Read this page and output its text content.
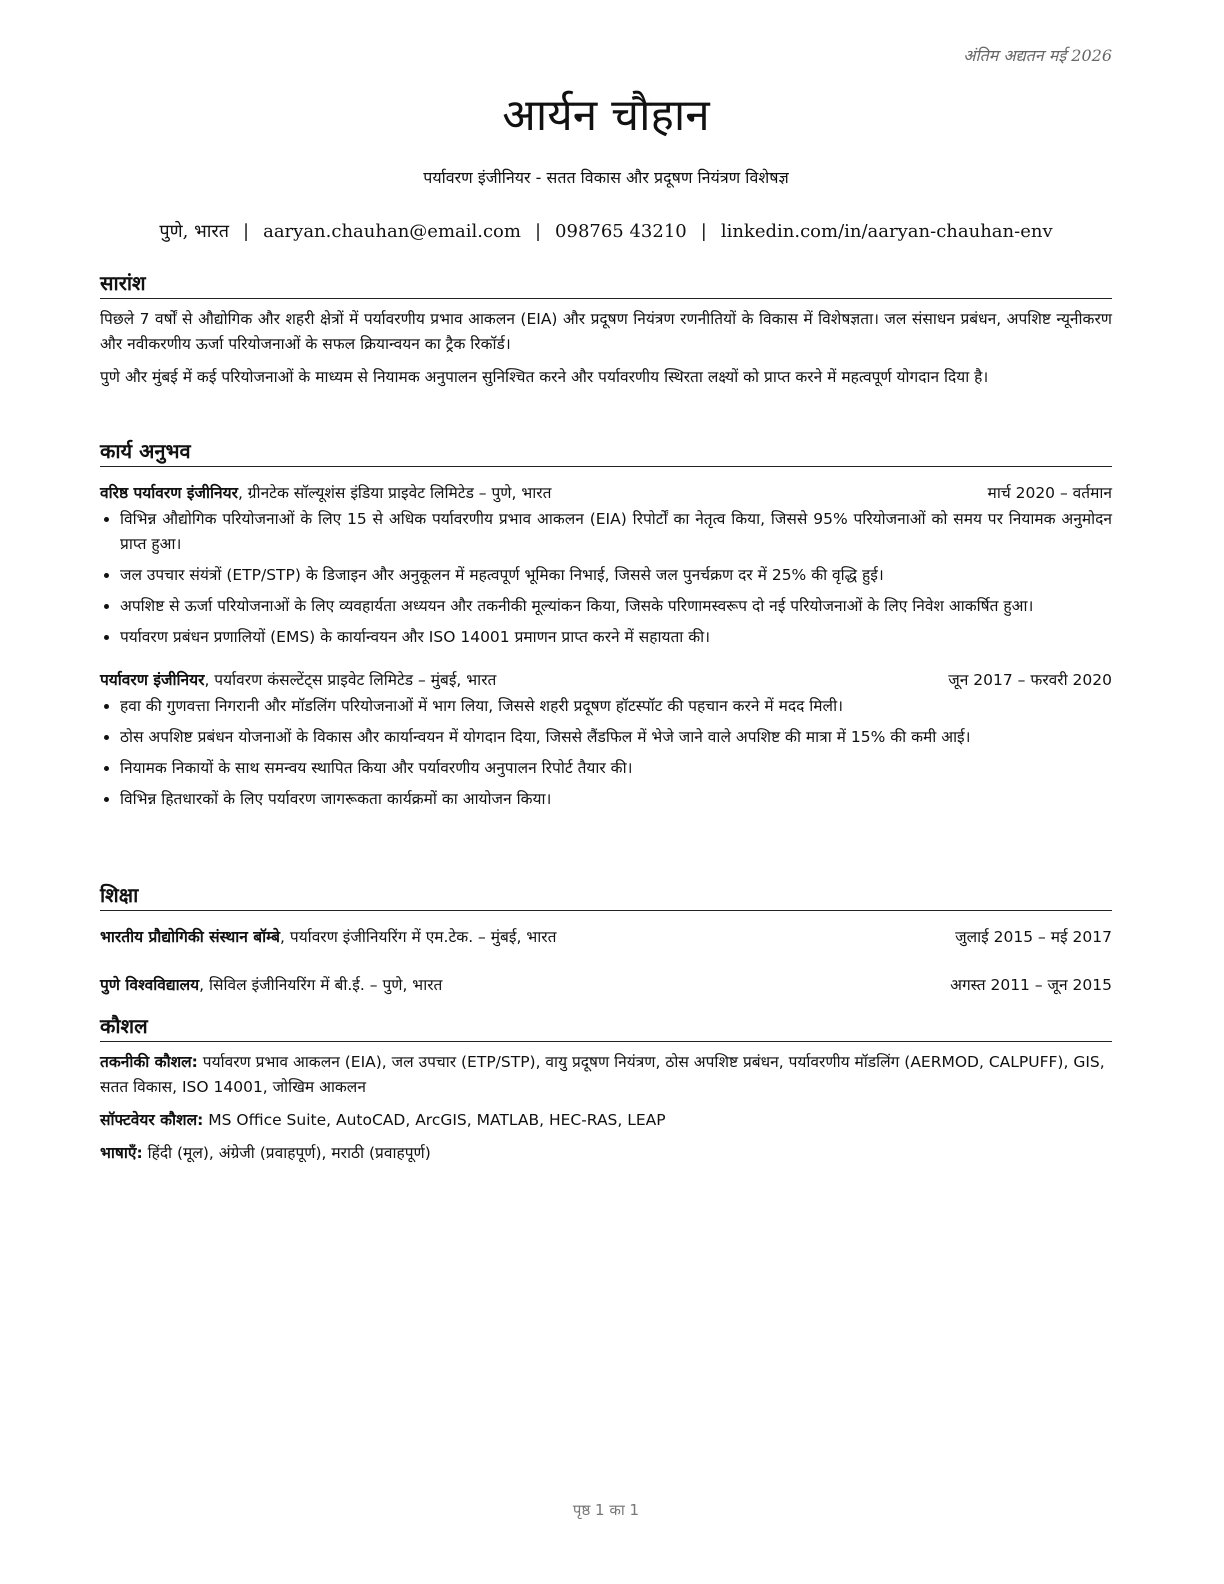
अंतिम अद्यतन मई 2026
आर्यन चौहान
पर्यावरण इंजीनियर - सतत विकास और प्रदूषण नियंत्रण विशेषज्ञ
पुणे, भारत | aaryan.chauhan@email.com | 098765 43210 | linkedin.com/in/aaryan-chauhan-env
सारांश
पिछले 7 वर्षों से औद्योगिक और शहरी क्षेत्रों में पर्यावरणीय प्रभाव आकलन (EIA) और प्रदूषण नियंत्रण रणनीतियों के विकास में विशेषज्ञता। जल संसाधन प्रबंधन, अपशिष्ट न्यूनीकरण और नवीकरणीय ऊर्जा परियोजनाओं के सफल क्रियान्वयन का ट्रैक रिकॉर्ड।
पुणे और मुंबई में कई परियोजनाओं के माध्यम से नियामक अनुपालन सुनिश्चित करने और पर्यावरणीय स्थिरता लक्ष्यों को प्राप्त करने में महत्वपूर्ण योगदान दिया है।
कार्य अनुभव
वरिष्ठ पर्यावरण इंजीनियर, ग्रीनटेक सॉल्यूशंस इंडिया प्राइवेट लिमिटेड – पुणे, भारत	मार्च 2020 – वर्तमान
• विभिन्न औद्योगिक परियोजनाओं के लिए 15 से अधिक पर्यावरणीय प्रभाव आकलन (EIA) रिपोर्टों का नेतृत्व किया, जिससे 95% परियोजनाओं को समय पर नियामक अनुमोदन प्राप्त हुआ।
• जल उपचार संयंत्रों (ETP/STP) के डिजाइन और अनुकूलन में महत्वपूर्ण भूमिका निभाई, जिससे जल पुनर्चक्रण दर में 25% की वृद्धि हुई।
• अपशिष्ट से ऊर्जा परियोजनाओं के लिए व्यवहार्यता अध्ययन और तकनीकी मूल्यांकन किया, जिसके परिणामस्वरूप दो नई परियोजनाओं के लिए निवेश आकर्षित हुआ।
• पर्यावरण प्रबंधन प्रणालियों (EMS) के कार्यान्वयन और ISO 14001 प्रमाणन प्राप्त करने में सहायता की।
पर्यावरण इंजीनियर, पर्यावरण कंसल्टेंट्स प्राइवेट लिमिटेड – मुंबई, भारत	जून 2017 – फरवरी 2020
• हवा की गुणवत्ता निगरानी और मॉडलिंग परियोजनाओं में भाग लिया, जिससे शहरी प्रदूषण हॉटस्पॉट की पहचान करने में मदद मिली।
• ठोस अपशिष्ट प्रबंधन योजनाओं के विकास और कार्यान्वयन में योगदान दिया, जिससे लैंडफिल में भेजे जाने वाले अपशिष्ट की मात्रा में 15% की कमी आई।
• नियामक निकायों के साथ समन्वय स्थापित किया और पर्यावरणीय अनुपालन रिपोर्ट तैयार की।
• विभिन्न हितधारकों के लिए पर्यावरण जागरूकता कार्यक्रमों का आयोजन किया।
शिक्षा
भारतीय प्रौद्योगिकी संस्थान बॉम्बे, पर्यावरण इंजीनियरिंग में एम.टेक. – मुंबई, भारत	जुलाई 2015 – मई 2017
पुणे विश्वविद्यालय, सिविल इंजीनियरिंग में बी.ई. – पुणे, भारत	अगस्त 2011 – जून 2015
कौशल
तकनीकी कौशल: पर्यावरण प्रभाव आकलन (EIA), जल उपचार (ETP/STP), वायु प्रदूषण नियंत्रण, ठोस अपशिष्ट प्रबंधन, पर्यावरणीय मॉडलिंग (AERMOD, CALPUFF), GIS, सतत विकास, ISO 14001, जोखिम आकलन
सॉफ्टवेयर कौशल: MS Office Suite, AutoCAD, ArcGIS, MATLAB, HEC-RAS, LEAP
भाषाएँ: हिंदी (मूल), अंग्रेजी (प्रवाहपूर्ण), मराठी (प्रवाहपूर्ण)
पृष्ठ 1 का 1
